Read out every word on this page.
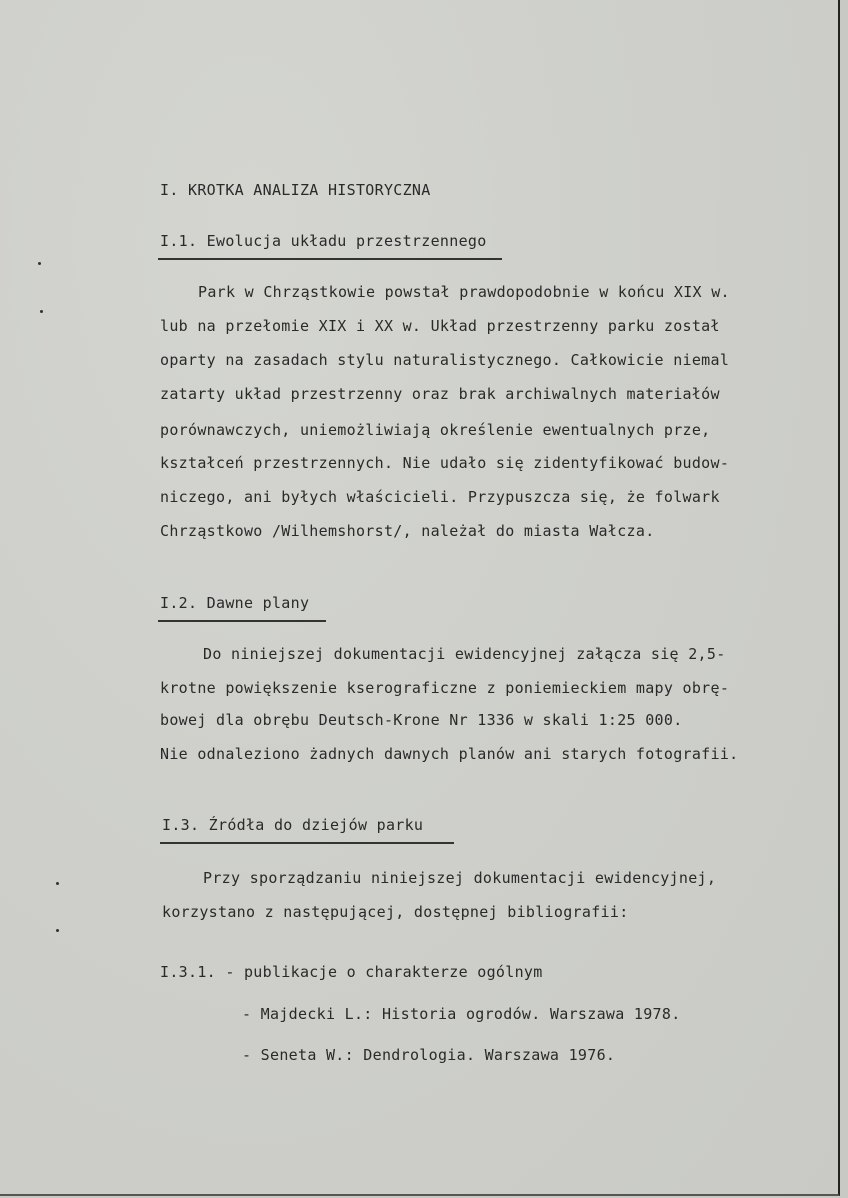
I. KROTKA ANALIZA HISTORYCZNA
I.1. Ewolucja układu przestrzennego
Park w Chrząstkowie powstał prawdopodobnie w końcu XIX w.
lub na przełomie XIX i XX w. Układ przestrzenny parku został
oparty na zasadach stylu naturalistycznego. Całkowicie niemal
zatarty układ przestrzenny oraz brak archiwalnych materiałów
porównawczych, uniemożliwiają określenie ewentualnych prze,
kształceń przestrzennych. Nie udało się zidentyfikować budow-
niczego, ani byłych właścicieli. Przypuszcza się, że folwark
Chrząstkowo /Wilhemshorst/, należał do miasta Wałcza.
I.2. Dawne plany
Do niniejszej dokumentacji ewidencyjnej załącza się 2,5-
krotne powiększenie kserograficzne z poniemieckiem mapy obrę-
bowej dla obrębu Deutsch-Krone Nr 1336 w skali 1:25 000.
Nie odnaleziono żadnych dawnych planów ani starych fotografii.
I.3. Źródła do dziejów parku
Przy sporządzaniu niniejszej dokumentacji ewidencyjnej,
korzystano z następującej, dostępnej bibliografii:
I.3.1. - publikacje o charakterze ogólnym
- Majdecki L.: Historia ogrodów. Warszawa 1978.
- Seneta W.: Dendrologia. Warszawa 1976.
